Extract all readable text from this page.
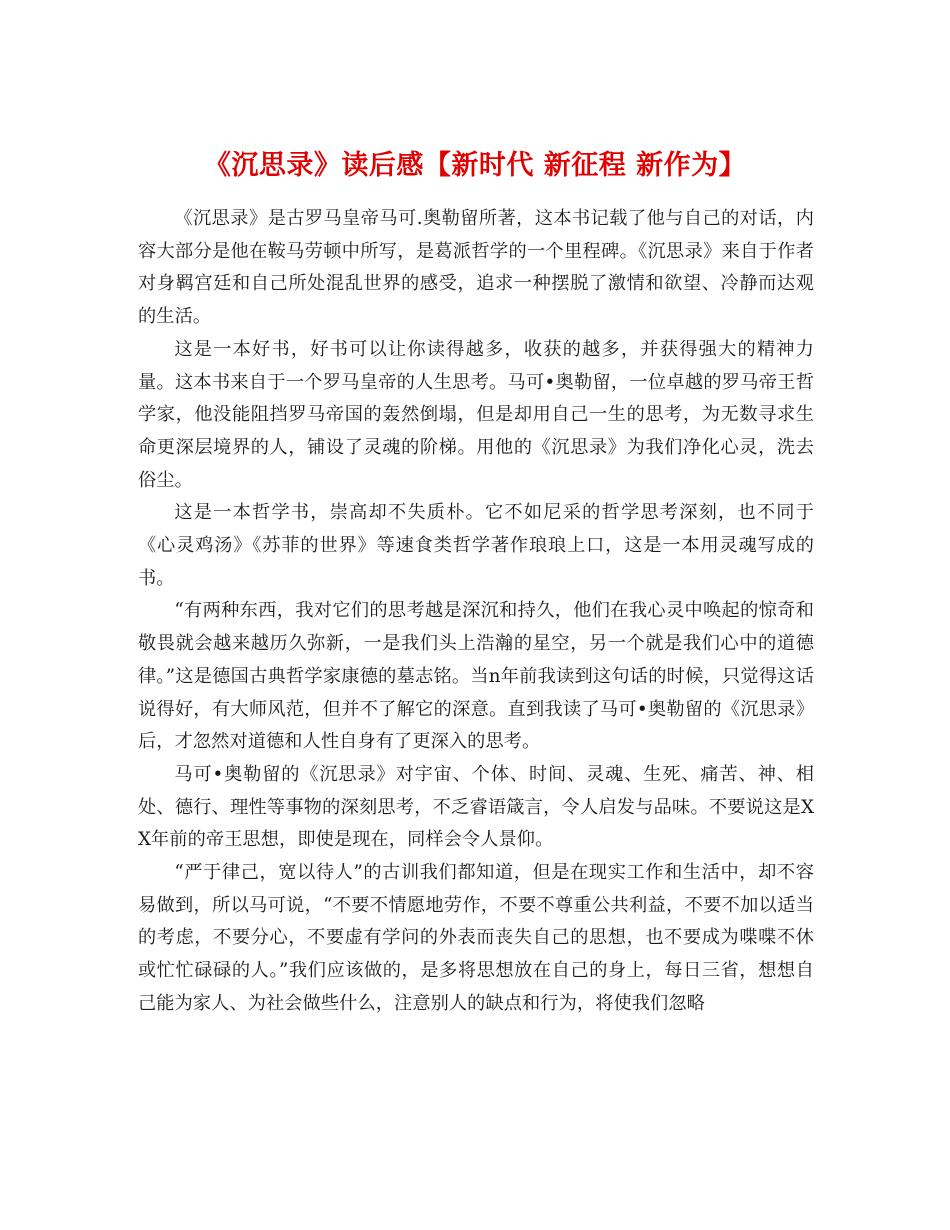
《沉思录》读后感【新时代 新征程 新作为】

《沉思录》是古罗马皇帝马可.奥勒留所著，这本书记载了他与自己的对话，内容大部分是他在鞍马劳顿中所写，是葛派哲学的一个里程碑。《沉思录》来自于作者对身羁宫廷和自己所处混乱世界的感受，追求一种摆脱了激情和欲望、冷静而达观的生活。

这是一本好书，好书可以让你读得越多，收获的越多，并获得强大的精神力量。这本书来自于一个罗马皇帝的人生思考。马可•奥勒留，一位卓越的罗马帝王哲学家，他没能阻挡罗马帝国的轰然倒塌，但是却用自己一生的思考，为无数寻求生命更深层境界的人，铺设了灵魂的阶梯。用他的《沉思录》为我们净化心灵，洗去俗尘。

这是一本哲学书，崇高却不失质朴。它不如尼采的哲学思考深刻，也不同于《心灵鸡汤》《苏菲的世界》等速食类哲学著作琅琅上口，这是一本用灵魂写成的书。

“有两种东西，我对它们的思考越是深沉和持久，他们在我心灵中唤起的惊奇和敬畏就会越来越历久弥新，一是我们头上浩瀚的星空，另一个就是我们心中的道德律。”这是德国古典哲学家康德的墓志铭。当n年前我读到这句话的时候，只觉得这话说得好，有大师风范，但并不了解它的深意。直到我读了马可•奥勒留的《沉思录》后，才忽然对道德和人性自身有了更深入的思考。

马可•奥勒留的《沉思录》对宇宙、个体、时间、灵魂、生死、痛苦、神、相处、德行、理性等事物的深刻思考，不乏睿语箴言，令人启发与品味。不要说这是XX年前的帝王思想，即使是现在，同样会令人景仰。

“严于律己，宽以待人”的古训我们都知道，但是在现实工作和生活中，却不容易做到，所以马可说，“不要不情愿地劳作，不要不尊重公共利益，不要不加以适当的考虑，不要分心，不要虚有学问的外表而丧失自己的思想，也不要成为喋喋不休或忙忙碌碌的人。”我们应该做的，是多将思想放在自己的身上，每日三省，想想自己能为家人、为社会做些什么，注意别人的缺点和行为，将使我们忽略
